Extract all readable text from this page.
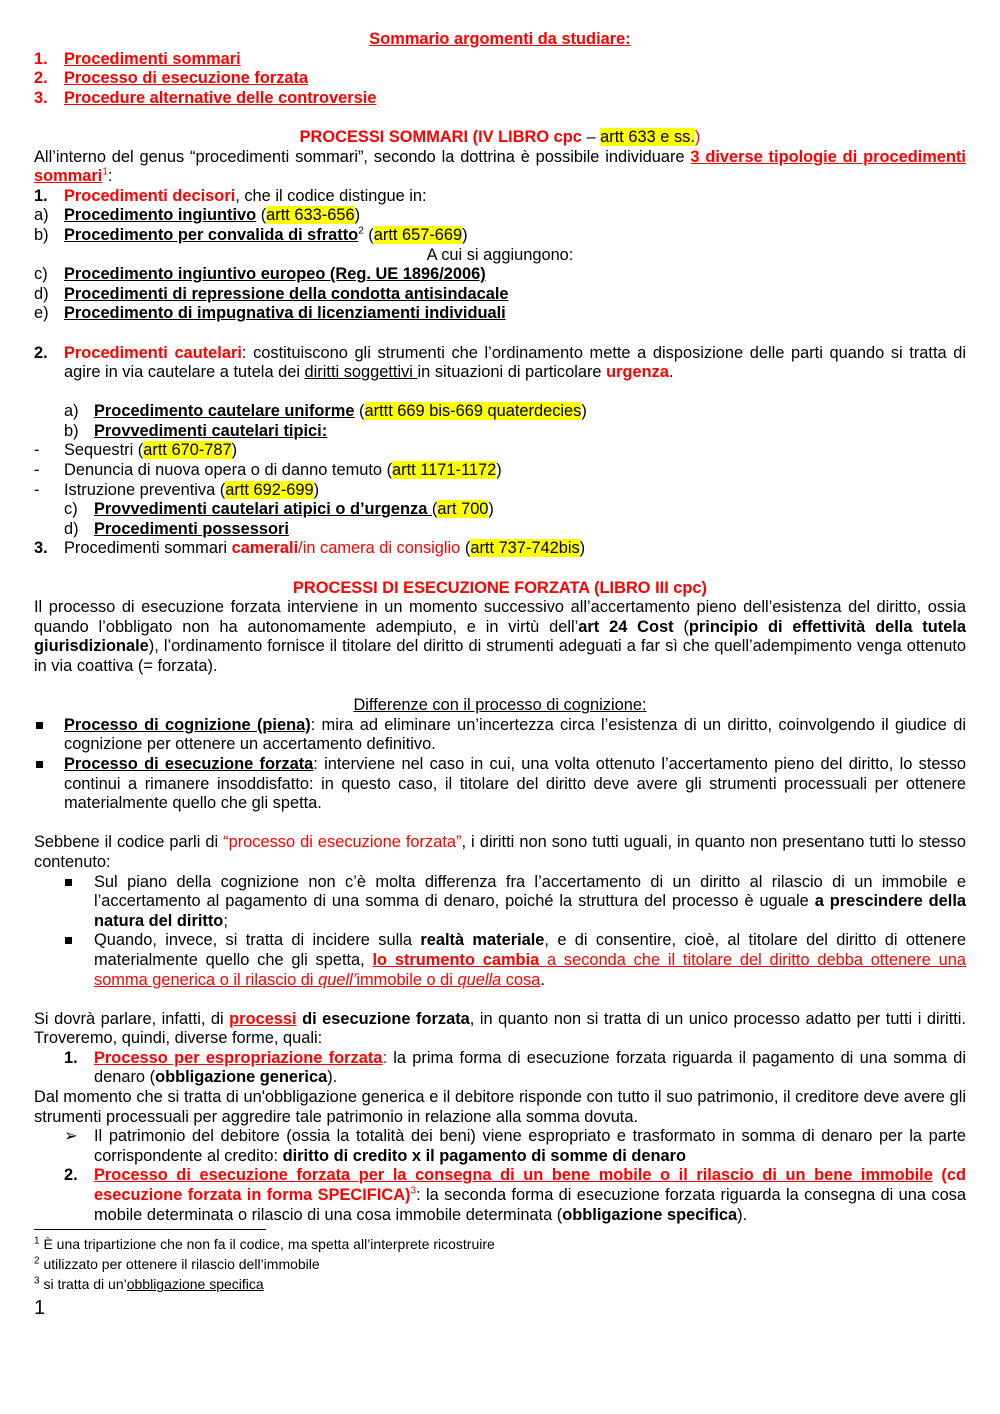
Sommario argomenti da studiare:
1. Procedimenti sommari
2. Processo di esecuzione forzata
3. Procedure alternative delle controversie
PROCESSI SOMMARI (IV LIBRO cpc – artt 633 e ss.)
All’interno del genus “procedimenti sommari”, secondo la dottrina è possibile individuare 3 diverse tipologie di procedimenti sommari$^1$:
1. Procedimenti decisori, che il codice distingue in:
a) Procedimento ingiuntivo (artt 633-656)
b) Procedimento per convalida di sfratto$^2$ (artt 657-669)
A cui si aggiungono:
c) Procedimento ingiuntivo europeo (Reg. UE 1896/2006)
d) Procedimenti di repressione della condotta antisindacale
e) Procedimento di impugnativa di licenziamenti individuali
2. Procedimenti cautelari: costituiscono gli strumenti che l’ordinamento mette a disposizione delle parti quando si tratta di agire in via cautelare a tutela dei diritti soggettivi in situazioni di particolare urgenza.
a) Procedimento cautelare uniforme (arttt 669 bis-669 quaterdecies)
b) Provvedimenti cautelari tipici:
- Sequestri (artt 670-787)
- Denuncia di nuova opera o di danno temuto (artt 1171-1172)
- Istruzione preventiva (artt 692-699)
c) Provvedimenti cautelari atipici o d’urgenza (art 700)
d) Procedimenti possessori
3. Procedimenti sommari camerali/in camera di consiglio (artt 737-742bis)
PROCESSI DI ESECUZIONE FORZATA (LIBRO III cpc)
Il processo di esecuzione forzata interviene in un momento successivo all’accertamento pieno dell’esistenza del diritto, ossia quando l’obbligato non ha autonomamente adempiuto, e in virtù dell’art 24 Cost (principio di effettività della tutela giurisdizionale), l’ordinamento fornisce il titolare del diritto di strumenti adeguati a far sì che quell’adempimento venga ottenuto in via coattiva (= forzata).
Differenze con il processo di cognizione:
Processo di cognizione (piena): mira ad eliminare un’incertezza circa l’esistenza di un diritto, coinvolgendo il giudice di cognizione per ottenere un accertamento definitivo.
Processo di esecuzione forzata: interviene nel caso in cui, una volta ottenuto l’accertamento pieno del diritto, lo stesso continui a rimanere insoddisfatto: in questo caso, il titolare del diritto deve avere gli strumenti processuali per ottenere materialmente quello che gli spetta.
Sebbene il codice parli di “processo di esecuzione forzata”, i diritti non sono tutti uguali, in quanto non presentano tutti lo stesso contenuto:
Sul piano della cognizione non c’è molta differenza fra l’accertamento di un diritto al rilascio di un immobile e l’accertamento al pagamento di una somma di denaro, poiché la struttura del processo è uguale a prescindere della natura del diritto;
Quando, invece, si tratta di incidere sulla realtà materiale, e di consentire, cioè, al titolare del diritto di ottenere materialmente quello che gli spetta, lo strumento cambia a seconda che il titolare del diritto debba ottenere una somma generica o il rilascio di quell’immobile o di quella cosa.
Si dovrà parlare, infatti, di processi di esecuzione forzata, in quanto non si tratta di un unico processo adatto per tutti i diritti. Troveremo, quindi, diverse forme, quali:
1. Processo per espropriazione forzata: la prima forma di esecuzione forzata riguarda il pagamento di una somma di denaro (obbligazione generica).
Dal momento che si tratta di un'obbligazione generica e il debitore risponde con tutto il suo patrimonio, il creditore deve avere gli strumenti processuali per aggredire tale patrimonio in relazione alla somma dovuta.
➢ Il patrimonio del debitore (ossia la totalità dei beni) viene espropriato e trasformato in somma di denaro per la parte corrispondente al credito: diritto di credito x il pagamento di somme di denaro
2. Processo di esecuzione forzata per la consegna di un bene mobile o il rilascio di un bene immobile (cd esecuzione forzata in forma SPECIFICA)$^3$: la seconda forma di esecuzione forzata riguarda la consegna di una cosa mobile determinata o rilascio di una cosa immobile determinata (obbligazione specifica).
$^1$ È una tripartizione che non fa il codice, ma spetta all’interprete ricostruire
$^2$ utilizzato per ottenere il rilascio dell’immobile
$^3$ si tratta di un’obbligazione specifica
1
